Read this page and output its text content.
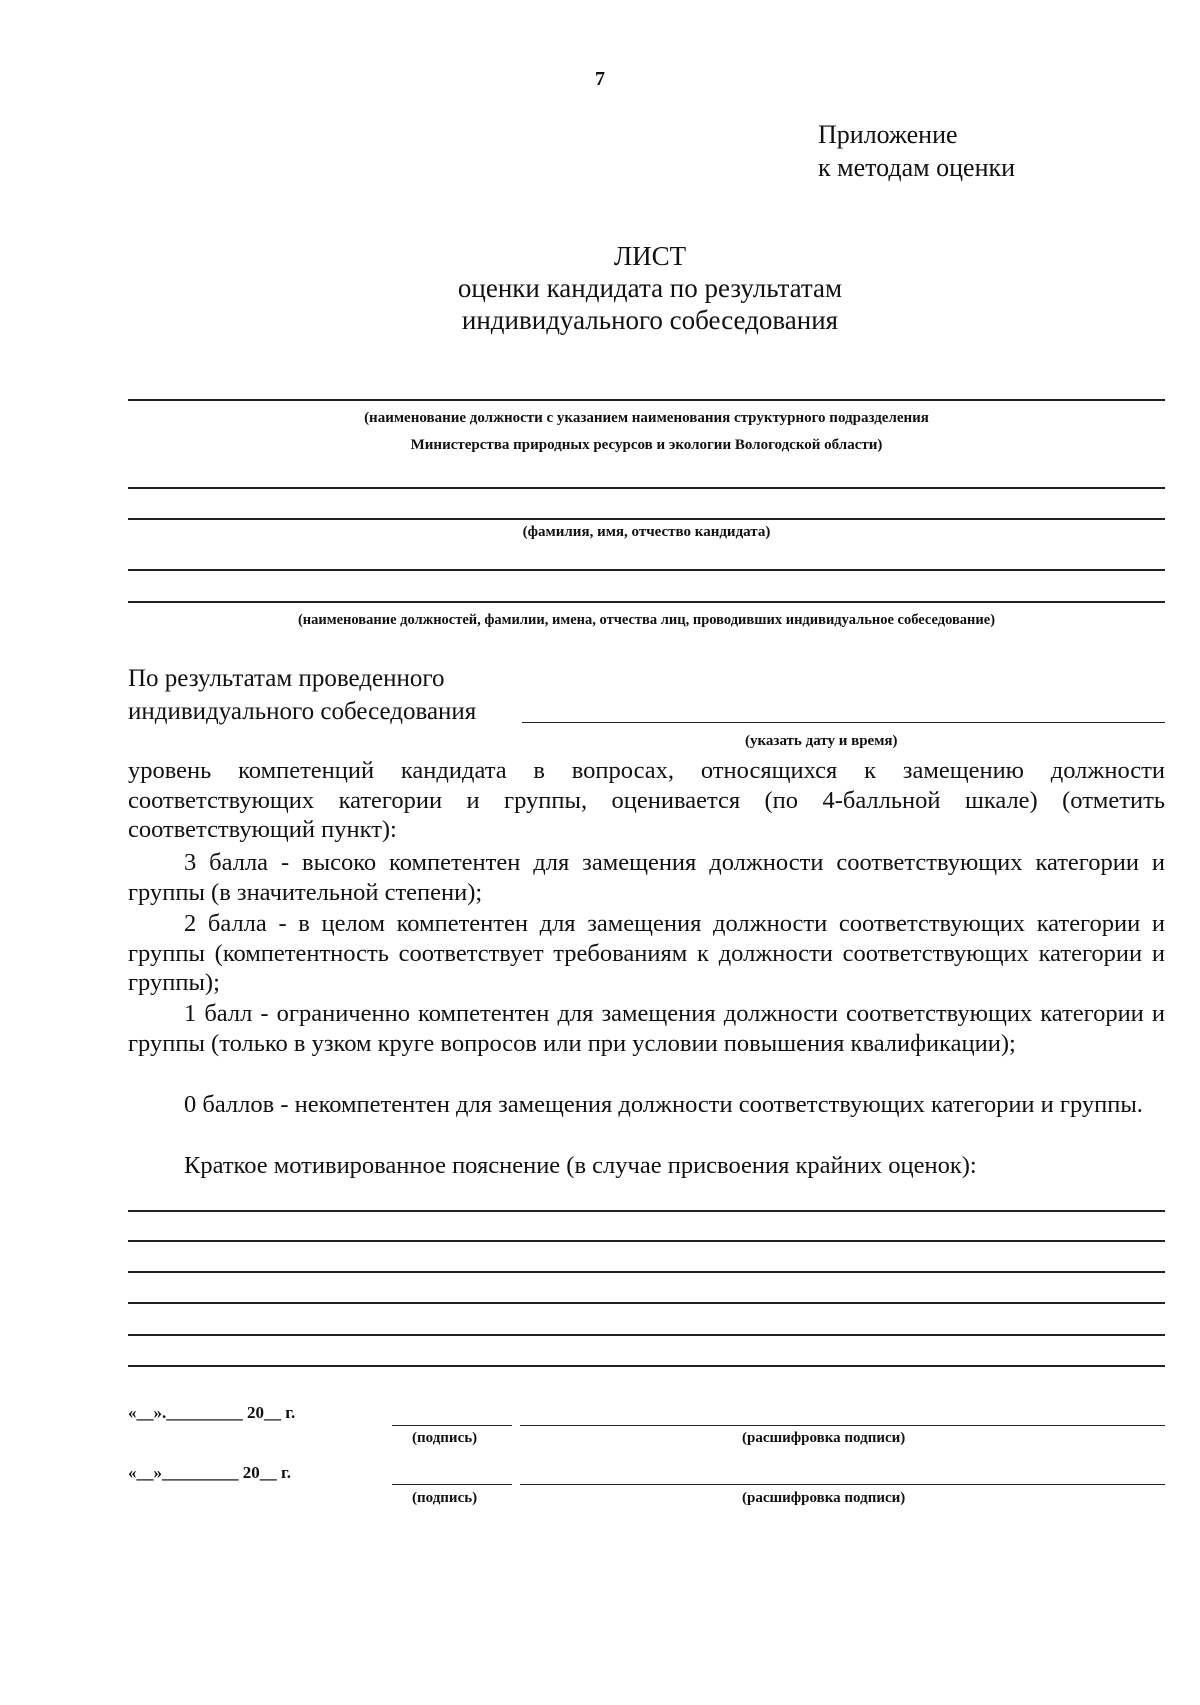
7
Приложение
к методам оценки
ЛИСТ
оценки кандидата по результатам
индивидуального собеседования
(наименование должности с указанием наименования структурного подразделения
Министерства природных ресурсов и экологии Вологодской области)
(фамилия, имя, отчество кандидата)
(наименование должностей, фамилии, имена, отчества лиц, проводивших индивидуальное собеседование)
По результатам проведенного
индивидуального собеседования
(указать дату и время)
уровень компетенций кандидата в вопросах, относящихся к замещению должности соответствующих категории и группы, оценивается (по 4-балльной шкале) (отметить соответствующий пункт):
3 балла - высоко компетентен для замещения должности соответствующих категории и группы (в значительной степени);
2 балла - в целом компетентен для замещения должности соответствующих категории и группы (компетентность соответствует требованиям к должности соответствующих категории и группы);
1 балл - ограниченно компетентен для замещения должности соответствующих категории и группы (только в узком круге вопросов или при условии повышения квалификации);
0 баллов - некомпетентен для замещения должности соответствующих категории и группы.
Краткое мотивированное пояснение (в случае присвоения крайних оценок):
«__»._________ 20__ г.
(подпись)	(расшифровка подписи)
«__»_________ 20__ г.
(подпись)	(расшифровка подписи)
